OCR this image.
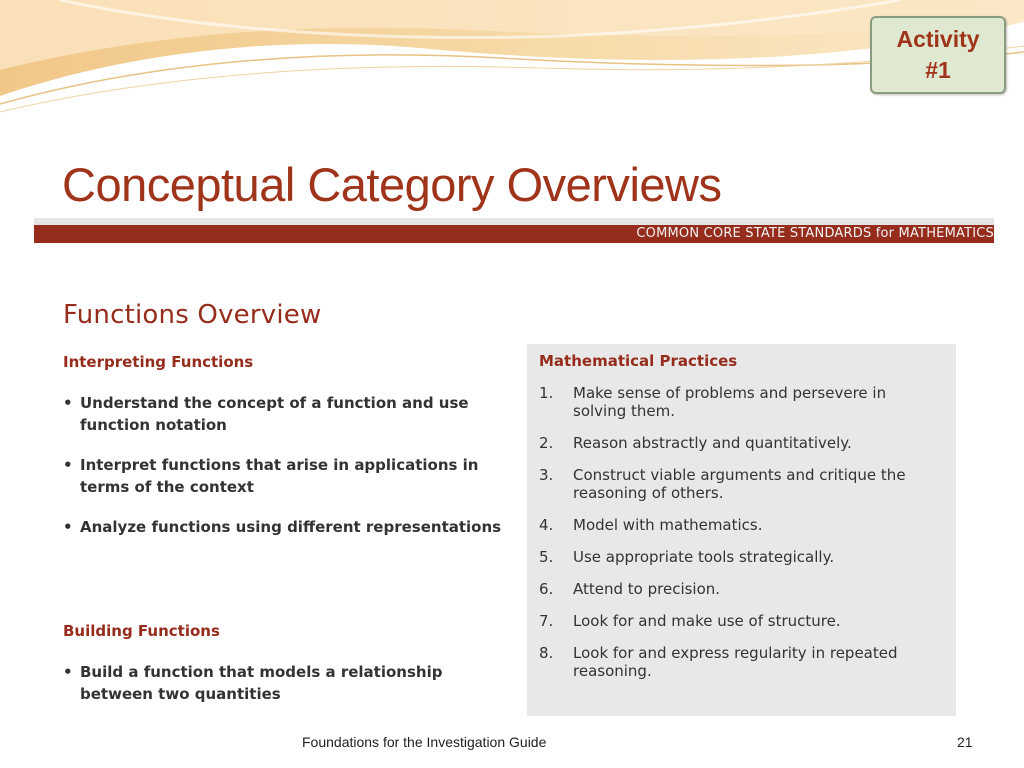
Activity
#1
Conceptual Category Overviews
COMMON CORE STATE STANDARDS for MATHEMATICS
Functions Overview
Interpreting Functions
• Understand the concept of a function and use function notation
• Interpret functions that arise in applications in terms of the context
• Analyze functions using different representations
Building Functions
• Build a function that models a relationship between two quantities
Mathematical Practices
1. Make sense of problems and persevere in solving them.
2. Reason abstractly and quantitatively.
3. Construct viable arguments and critique the reasoning of others.
4. Model with mathematics.
5. Use appropriate tools strategically.
6. Attend to precision.
7. Look for and make use of structure.
8. Look for and express regularity in repeated reasoning.
Foundations for the Investigation Guide	21
